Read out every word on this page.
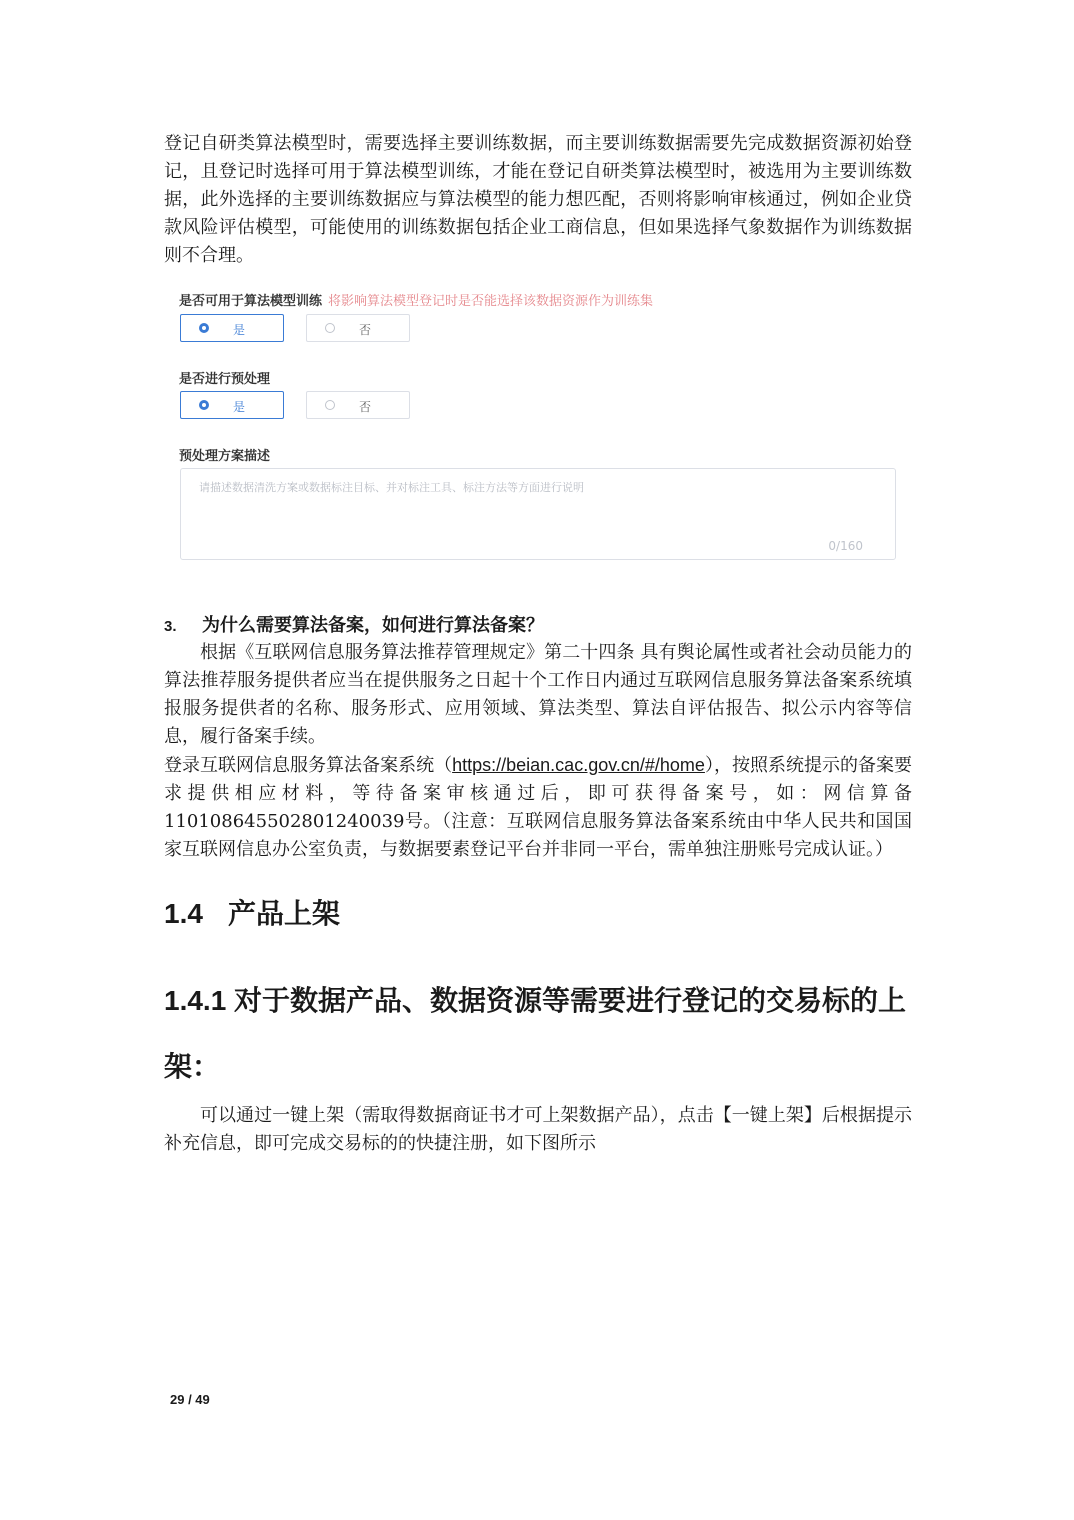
登记自研类算法模型时，需要选择主要训练数据，而主要训练数据需要先完成数据资源初始登记，且登记时选择可用于算法模型训练，才能在登记自研类算法模型时，被选用为主要训练数据，此外选择的主要训练数据应与算法模型的能力想匹配，否则将影响审核通过，例如企业贷款风险评估模型，可能使用的训练数据包括企业工商信息，但如果选择气象数据作为训练数据则不合理。
是否可用于算法模型训练 将影响算法模型登记时是否能选择该数据资源作为训练集
是	否
是否进行预处理
是	否
预处理方案描述
请描述数据清洗方案或数据标注目标、并对标注工具、标注方法等方面进行说明
0/160
3. 为什么需要算法备案，如何进行算法备案？
根据《互联网信息服务算法推荐管理规定》第二十四条 具有舆论属性或者社会动员能力的算法推荐服务提供者应当在提供服务之日起十个工作日内通过互联网信息服务算法备案系统填报服务提供者的名称、服务形式、应用领域、算法类型、算法自评估报告、拟公示内容等信息，履行备案手续。
登录互联网信息服务算法备案系统（https://beian.cac.gov.cn/#/home），按照系统提示的备案要求提供相应材料，等待备案审核通过后，即可获得备案号，如：网信算备110108645502801240039号。（注意：互联网信息服务算法备案系统由中华人民共和国国家互联网信息办公室负责，与数据要素登记平台并非同一平台，需单独注册账号完成认证。）
1.4 产品上架
1.4.1 对于数据产品、数据资源等需要进行登记的交易标的上架：
可以通过一键上架（需取得数据商证书才可上架数据产品），点击【一键上架】后根据提示补充信息，即可完成交易标的的快捷注册，如下图所示
29 / 49
